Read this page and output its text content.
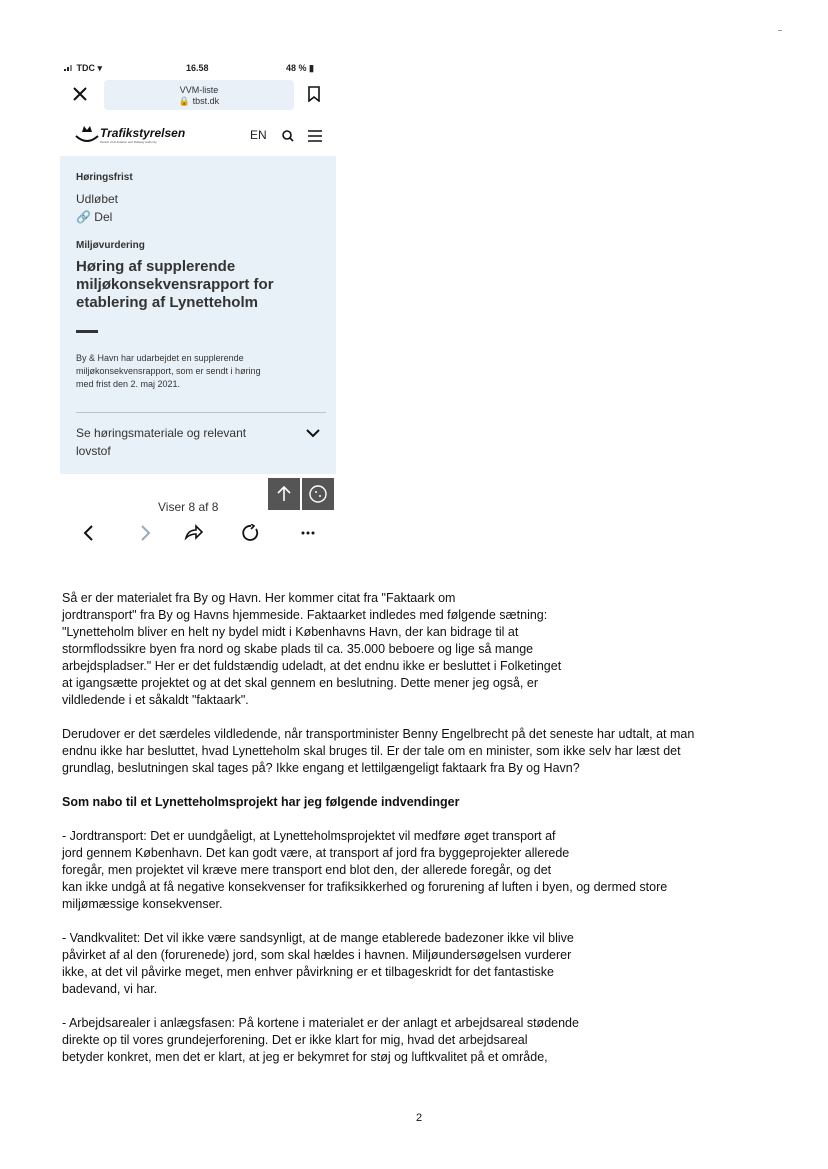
TDC ▾	16.58	48 % ▮
VVM-liste
🔒 tbst.dk
Trafikstyrelsen
Danish Civil Aviation and Railway Authority	EN
Høringsfrist
Udløbet
🔗 Del
Miljøvurdering
Høring af supplerende
miljøkonsekvensrapport for
etablering af Lynetteholm
By & Havn har udarbejdet en supplerende
miljøkonsekvensrapport, som er sendt i høring
med frist den 2. maj 2021.
Se høringsmateriale og relevant
lovstof
Viser 8 af 8
Så er der materialet fra By og Havn. Her kommer citat fra "Faktaark om
jordtransport" fra By og Havns hjemmeside. Faktaarket indledes med følgende sætning:
"Lynetteholm bliver en helt ny bydel midt i Københavns Havn, der kan bidrage til at
stormflodssikre byen fra nord og skabe plads til ca. 35.000 beboere og lige så mange
arbejdspladser." Her er det fuldstændig udeladt, at det endnu ikke er besluttet i Folketinget
at igangsætte projektet og at det skal gennem en beslutning. Dette mener jeg også, er
vildledende i et såkaldt "faktaark".
Derudover er det særdeles vildledende, når transportminister Benny Engelbrecht på det seneste har udtalt, at man
endnu ikke har besluttet, hvad Lynetteholm skal bruges til. Er der tale om en minister, som ikke selv har læst det
grundlag, beslutningen skal tages på? Ikke engang et lettilgængeligt faktaark fra By og Havn?
Som nabo til et Lynetteholmsprojekt har jeg følgende indvendinger
- Jordtransport: Det er uundgåeligt, at Lynetteholmsprojektet vil medføre øget transport af
jord gennem København. Det kan godt være, at transport af jord fra byggeprojekter allerede
foregår, men projektet vil kræve mere transport end blot den, der allerede foregår, og det
kan ikke undgå at få negative konsekvenser for trafiksikkerhed og forurening af luften i byen, og dermed store
miljømæssige konsekvenser.
- Vandkvalitet: Det vil ikke være sandsynligt, at de mange etablerede badezoner ikke vil blive
påvirket af al den (forurenede) jord, som skal hældes i havnen. Miljøundersøgelsen vurderer
ikke, at det vil påvirke meget, men enhver påvirkning er et tilbageskridt for det fantastiske
badevand, vi har.
- Arbejdsarealer i anlægsfasen: På kortene i materialet er der anlagt et arbejdsareal stødende
direkte op til vores grundejerforening. Det er ikke klart for mig, hvad det arbejdsareal
betyder konkret, men det er klart, at jeg er bekymret for støj og luftkvalitet på et område,
2
